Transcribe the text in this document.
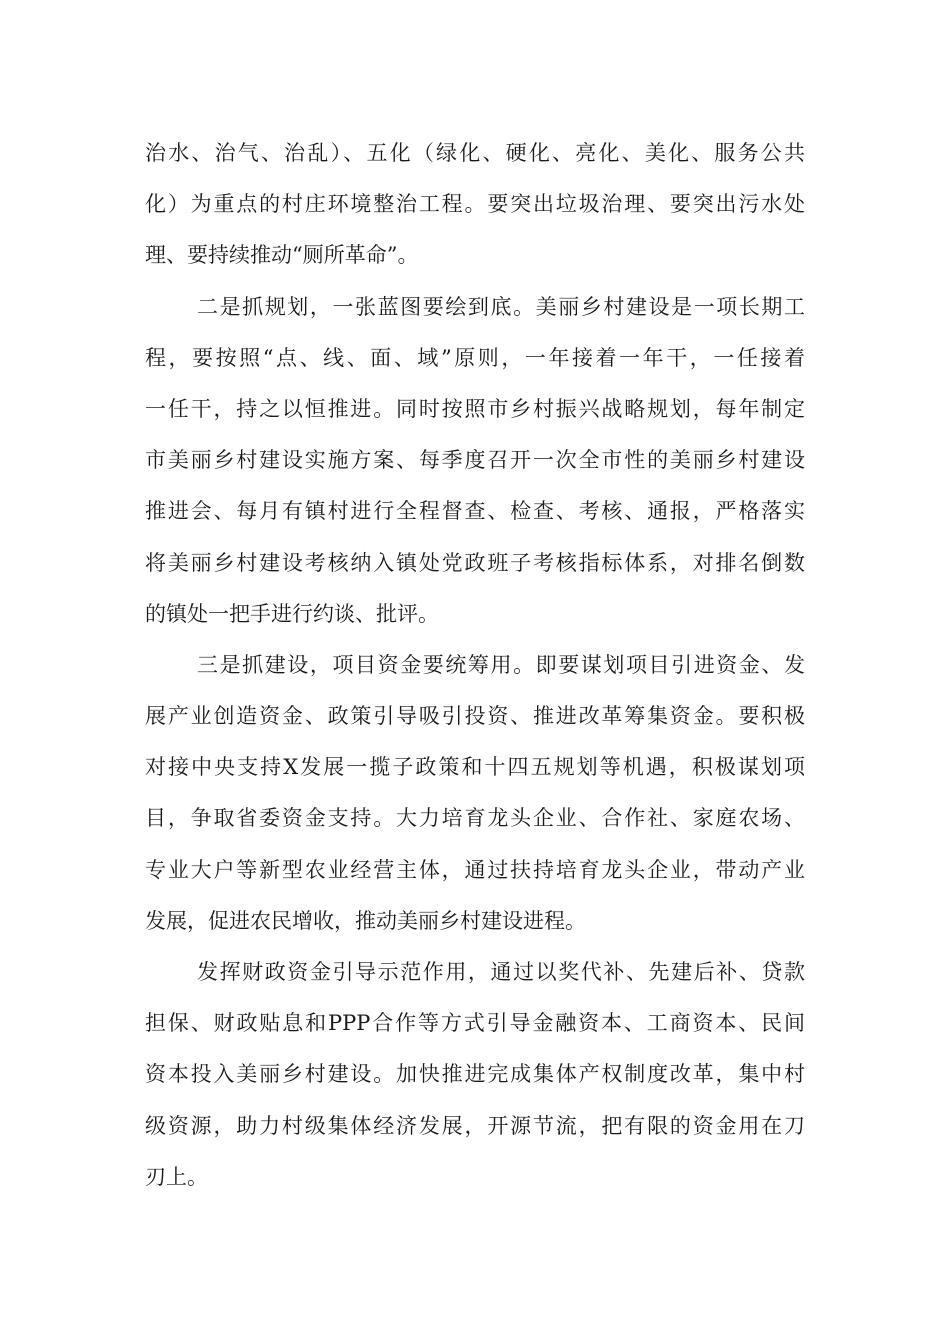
治水、治气、治乱）、五化（绿化、硬化、亮化、美化、服务公共
化）为重点的村庄环境整治工程。要突出垃圾治理、要突出污水处
理、要持续推动“厕所革命”。
二是抓规划，一张蓝图要绘到底。美丽乡村建设是一项长期工
程，要按照“点、线、面、域”原则，一年接着一年干，一任接着
一任干，持之以恒推进。同时按照市乡村振兴战略规划，每年制定
市美丽乡村建设实施方案、每季度召开一次全市性的美丽乡村建设
推进会、每月有镇村进行全程督查、检查、考核、通报，严格落实
将美丽乡村建设考核纳入镇处党政班子考核指标体系，对排名倒数
的镇处一把手进行约谈、批评。
三是抓建设，项目资金要统筹用。即要谋划项目引进资金、发
展产业创造资金、政策引导吸引投资、推进改革筹集资金。要积极
对接中央支持X发展一揽子政策和十四五规划等机遇，积极谋划项
目，争取省委资金支持。大力培育龙头企业、合作社、家庭农场、
专业大户等新型农业经营主体，通过扶持培育龙头企业，带动产业
发展，促进农民增收，推动美丽乡村建设进程。
发挥财政资金引导示范作用，通过以奖代补、先建后补、贷款
担保、财政贴息和PPP合作等方式引导金融资本、工商资本、民间
资本投入美丽乡村建设。加快推进完成集体产权制度改革，集中村
级资源，助力村级集体经济发展，开源节流，把有限的资金用在刀
刃上。
